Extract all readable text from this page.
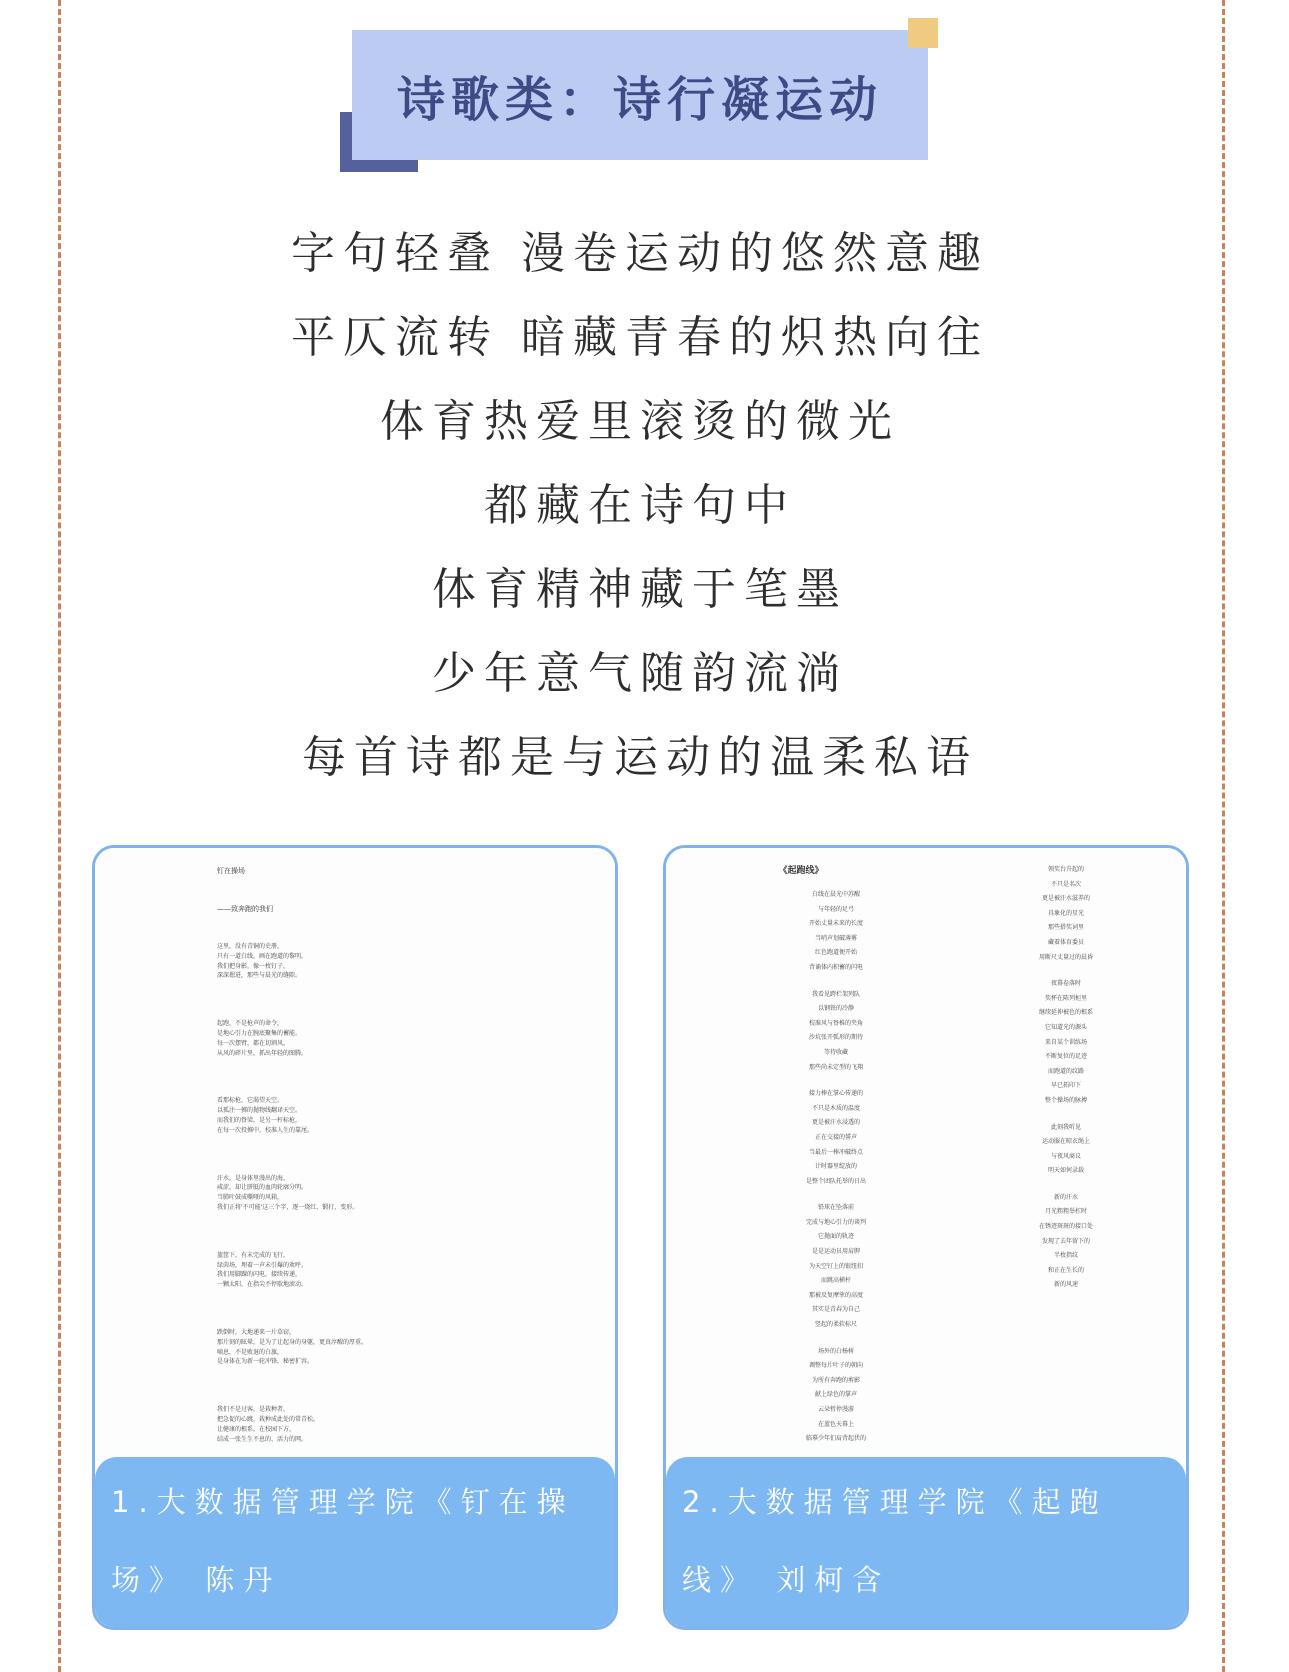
诗歌类：诗行凝运动
字句轻叠 漫卷运动的悠然意趣
平仄流转 暗藏青春的炽热向往
体育热爱里滚烫的微光
都藏在诗句中
体育精神藏于笔墨
少年意气随韵流淌
每首诗都是与运动的温柔私语
钉在操场
——致奔跑的我们
这里，没有青铜的史册，
只有一道白线，画在跑道的黎明。
我们把身影，像一枚钉子，
深深摁进，那些与晨光的缝隙。
起跑，不是枪声的命令，
是地心引力在腕底聚集的蓄能。
每一次摆臂，都在切割风，
从风的碎片里，抓出年轻的图腾。
看那标枪，它渴望天空，
以孤注一掷的抛物线翻译天空。
而我们的脊梁，是另一杆标枪，
在每一次投掷中，校准人生的靠尾。
汗水，是身体里漫出的海，
咸涩，却让胼胝的血肉轮廓分明。
当肺叶鼓成嘶哑的风箱，
我们正将'不可能'这三个字，逐一烧红、锻打、变形。
篮筐下，有未完成的飞行，
绿茵场，埋着一声未引爆的欢呼。
我们用脚踝的闪电，接续传递，
一颗太阳，在指尖不停歇地滚动。
跌倒时，大地递来一片草窃，
那片刻的眩晕，是为了让起身的身躯，更真淳醒的厚重。
嘀息，不是败退的白旗，
是身体在为新一轮冲锋，秘密扩容。
我们不是过客，是栽种者，
把急促的心跳，栽种成此处的常青松。
让健康的根系，在校园下方，
结成一张生生不息的、活力的网。
1.大数据管理学院《钉在操场》 陈丹
《起跑线》
白线在晨光中苏醒
与年轻的足弓
开始丈量未来的长度
当哨声划破薄雾
红色跑道便开始
背诵体内积蓄的闪电
我看见跨栏架列队
以钢铁的冷静
校准风与脊椎的夹角
沙坑张开弧形的期待
等待收藏
那些尚未定型的飞翔
接力棒在掌心传递的
不只是木质的温度
更是被汗水浸透的
正在交接的誓声
当最后一棒冲破终点
计时器里绽放的
是整个团队托举的日出
铅球在坠落前
完成与地心引力的谈判
它抛面的轨迹
是是运动员用肩胛
为天空钉上的银纽扣
而跳高横杆
那被反复摩挲的高度
其实是青春为自己
竖起的柔软标尺
场外的白杨树
调整每片叶子的朝向
为所有奔跑的剪影
献上绿色的掌声
云朵暂停漫游
在蓝色天幕上
临摹少年们肩背起伏的
领奖台升起的
不只是名次
更是被汗水滋养的
具象化的星光
那些搭奖词里
藏着体育委员
用断尺丈量过的晨昏
夜幕卷落时
奖杯在陈列柜里
继续延伸被色的根系
它知道光的源头
来自某个训练场
不断复位的足迹
而跑道的纹路
早已拓印下
整个操场的脉搏
此刻我听见
运动服在晾衣绳上
与夜风商议
明天如何录载
新的汗水
月光粗粗举杠时
在锈迹斑斑的接口处
发现了去年留下的
半枚指纹
和正在生长的
新的风速
2.大数据管理学院《起跑线》 刘柯含
